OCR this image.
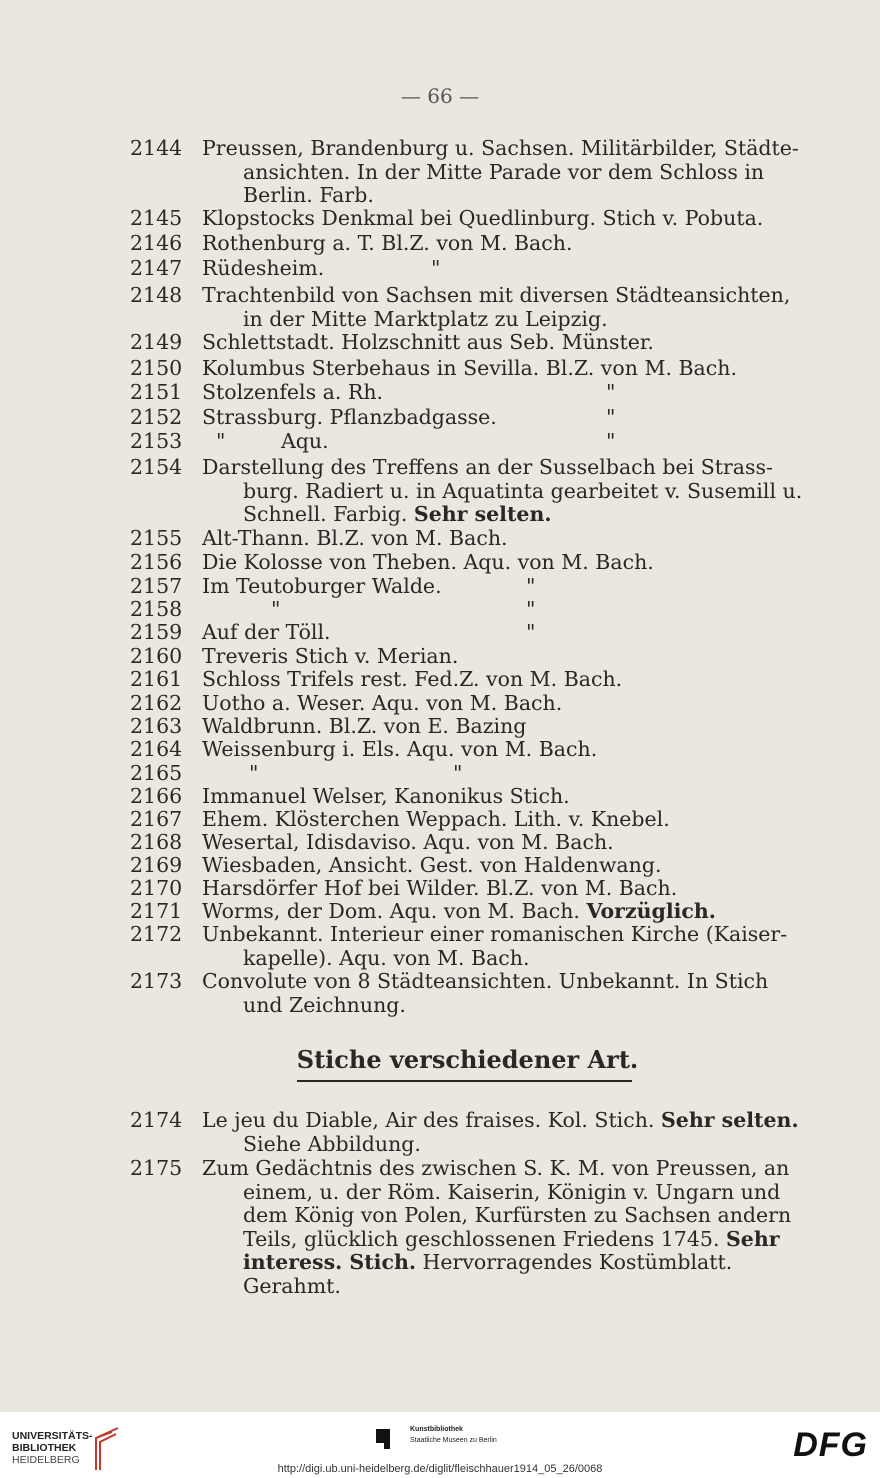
— 66 —
2144 Preussen, Brandenburg u. Sachsen. Militärbilder, Städte- ansichten. In der Mitte Parade vor dem Schloss in Berlin. Farb.
2145 Klopstocks Denkmal bei Quedlinburg. Stich v. Pobuta.
2146 Rothenburg a. T. Bl.Z. von M. Bach.
2147 Rüdesheim.	"
2148 Trachtenbild von Sachsen mit diversen Städteansichten, in der Mitte Marktplatz zu Leipzig.
2149 Schlettstadt. Holzschnitt aus Seb. Münster.
2150 Kolumbus Sterbehaus in Sevilla. Bl.Z. von M. Bach.
2151 Stolzenfels a. Rh.	"
2152 Strassburg. Pflanzbadgasse.	"
2153	"	Aqu.	"
2154 Darstellung des Treffens an der Susselbach bei Strass- burg. Radiert u. in Aquatinta gearbeitet v. Susemill u. Schnell. Farbig. Sehr selten.
2155 Alt-Thann. Bl.Z. von M. Bach.
2156 Die Kolosse von Theben. Aqu. von M. Bach.
2157 Im Teutoburger Walde.	"
2158	"	"
2159 Auf der Töll.	"
2160 Treveris Stich v. Merian.
2161 Schloss Trifels rest. Fed.Z. von M. Bach.
2162 Uotho a. Weser. Aqu. von M. Bach.
2163 Waldbrunn. Bl.Z. von E. Bazing
2164 Weissenburg i. Els. Aqu. von M. Bach.
2165	"	"
2166 Immanuel Welser, Kanonikus Stich.
2167 Ehem. Klösterchen Weppach. Lith. v. Knebel.
2168 Wesertal, Idisdaviso. Aqu. von M. Bach.
2169 Wiesbaden, Ansicht. Gest. von Haldenwang.
2170 Harsdörfer Hof bei Wilder. Bl.Z. von M. Bach.
2171 Worms, der Dom. Aqu. von M. Bach. Vorzüglich.
2172 Unbekannt. Interieur einer romanischen Kirche (Kaiser- kapelle). Aqu. von M. Bach.
2173 Convolute von 8 Städteansichten. Unbekannt. In Stich und Zeichnung.
2174 Le jeu du Diable, Air des fraises. Kol. Stich. Sehr selten. Siehe Abbildung.
2175 Zum Gedächtnis des zwischen S. K. M. von Preussen, an einem, u. der Röm. Kaiserin, Königin v. Ungarn und dem König von Polen, Kurfürsten zu Sachsen andern Teils, glücklich geschlossenen Friedens 1745. Sehr interess. Stich. Hervorragendes Kostümblatt. Gerahmt.
Stiche verschiedener Art.
UNIVERSITÄTS-
BIBLIOTHEK
HEIDELBERG
Kunstbibliothek
Staatliche Museen zu Berlin	DFG
http://digi.ub.uni-heidelberg.de/diglit/fleischhauer1914_05_26/0068
